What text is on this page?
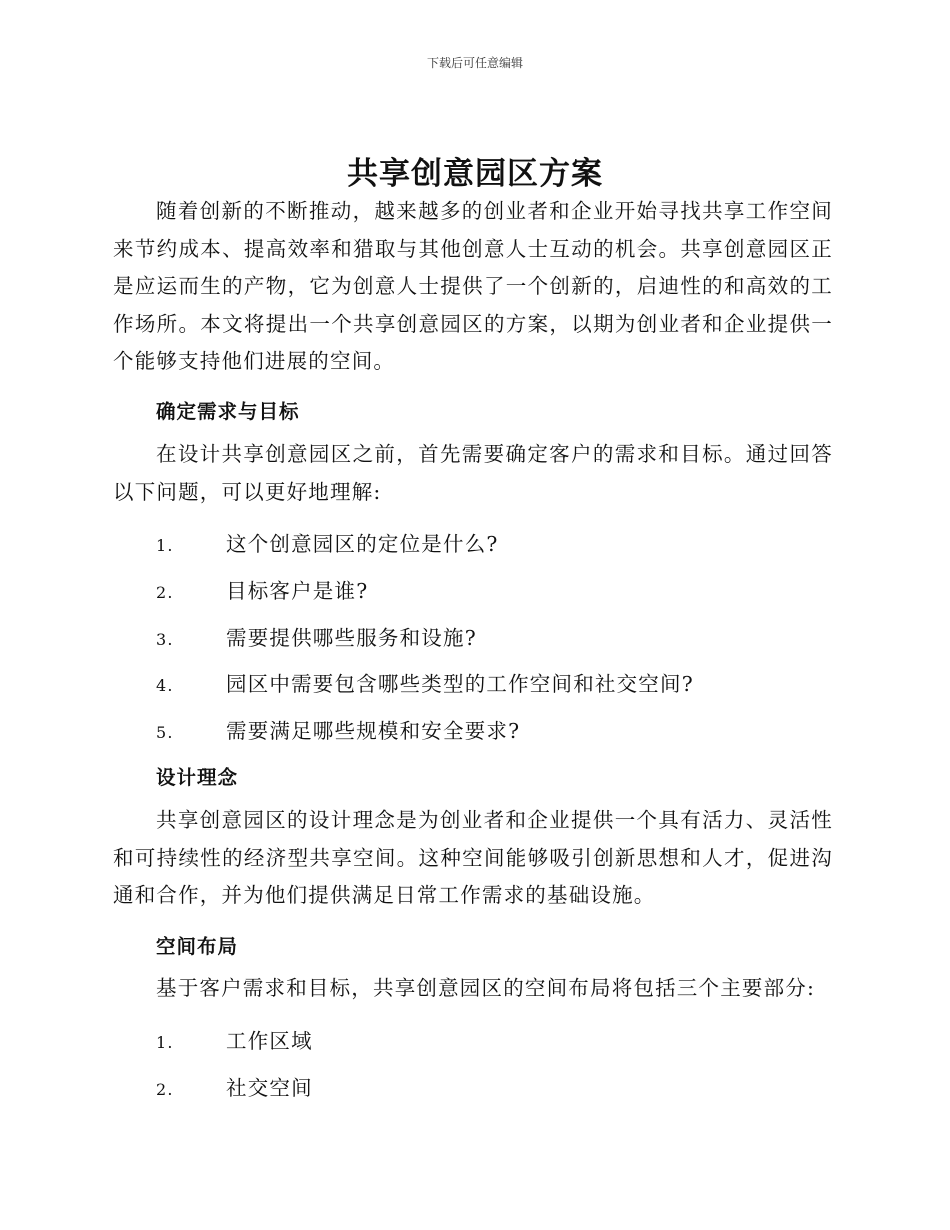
下载后可任意编辑
共享创意园区方案

随着创新的不断推动，越来越多的创业者和企业开始寻找共享工作空间来节约成本、提高效率和猎取与其他创意人士互动的机会。共享创意园区正是应运而生的产物，它为创意人士提供了一个创新的，启迪性的和高效的工作场所。本文将提出一个共享创意园区的方案，以期为创业者和企业提供一个能够支持他们进展的空间。

确定需求与目标

在设计共享创意园区之前，首先需要确定客户的需求和目标。通过回答以下问题，可以更好地理解:

1.	这个创意园区的定位是什么?
2.	目标客户是谁?
3.	需要提供哪些服务和设施?
4.	园区中需要包含哪些类型的工作空间和社交空间?
5.	需要满足哪些规模和安全要求?
设计理念

共享创意园区的设计理念是为创业者和企业提供一个具有活力、灵活性和可持续性的经济型共享空间。这种空间能够吸引创新思想和人才，促进沟通和合作，并为他们提供满足日常工作需求的基础设施。

空间布局

基于客户需求和目标，共享创意园区的空间布局将包括三个主要部分:

1.	工作区域
2.	社交空间
